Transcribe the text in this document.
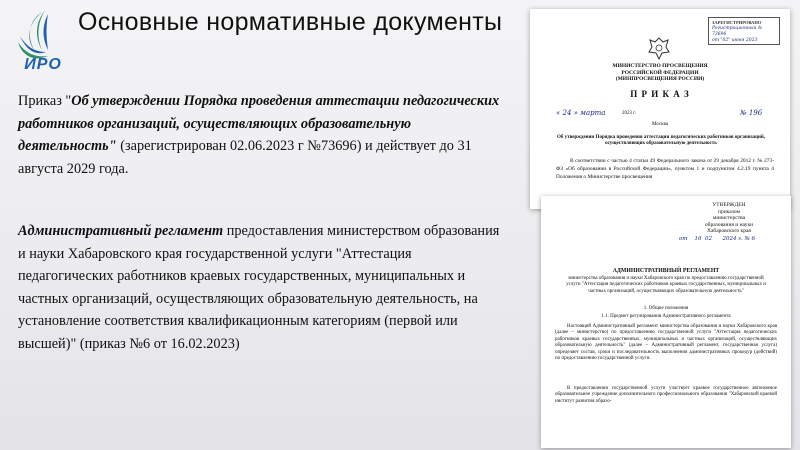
ИРО
Основные нормативные документы
Приказ "Об утверждении Порядка проведения аттестации педагогических работников организаций, осуществляющих образовательную деятельность" (зарегистрирован 02.06.2023 г №73696) и действует до 31 августа 2029 года.
Административный регламент предоставления министерством образования и науки Хабаровского края государственной услуги "Аттестация педагогических работников краевых государственных, муниципальных и частных организаций, осуществляющих образовательную деятельность, на установление соответствия квалификационным категориям (первой или высшей)" (приказ №6 от 16.02.2023)
ЗАРЕГИСТРИРОВАНО
Регистрационный № 73696
от "02" июня 2023
МИНИСТЕРСТВО ПРОСВЕЩЕНИЯ
РОССИЙСКОЙ ФЕДЕРАЦИИ
(МИНПРОСВЕЩЕНИЯ РОССИИ)
П Р И К А З
« 24 » марта	2023 г.	№ 196
Москва
Об утверждении Порядка проведения аттестации педагогических работников организаций, осуществляющих образовательную деятельность
В соответствии с частью 4 статьи 49 Федерального закона от 29 декабря 2012 г. № 273-ФЗ «Об образовании в Российской Федерации», пунктом 1 и подпунктом 4.2.19 пункта 4 Положения о Министерстве просвещения
УТВЕРЖДЕН
приказом
министерства
образования и науки
Хабаровского края
от    16  02      2024 г. № 6
АДМИНИСТРАТИВНЫЙ РЕГЛАМЕНТ
министерства образования и науки Хабаровского края по предоставлению государственной услуги "Аттестация педагогических работников краевых государственных, муниципальных и частных организаций, осуществляющих образовательную деятельность"
1. Общие положения
1.1. Предмет регулирования Административного регламента
Настоящий Административный регламент министерства образования и науки Хабаровского края (далее – министерство) по предоставлению государственной услуги "Аттестация педагогических работников краевых государственных, муниципальных и частных организаций, осуществляющих образовательную деятельность" (далее – Административный регламент, государственная услуга) определяет состав, сроки и последовательность выполнения административных процедур (действий) по предоставлению государственной услуги.
В предоставлении государственной услуги участвует краевое государственное автономное образовательное учреждение дополнительного профессионального образования "Хабаровский краевой институт развития образо-
